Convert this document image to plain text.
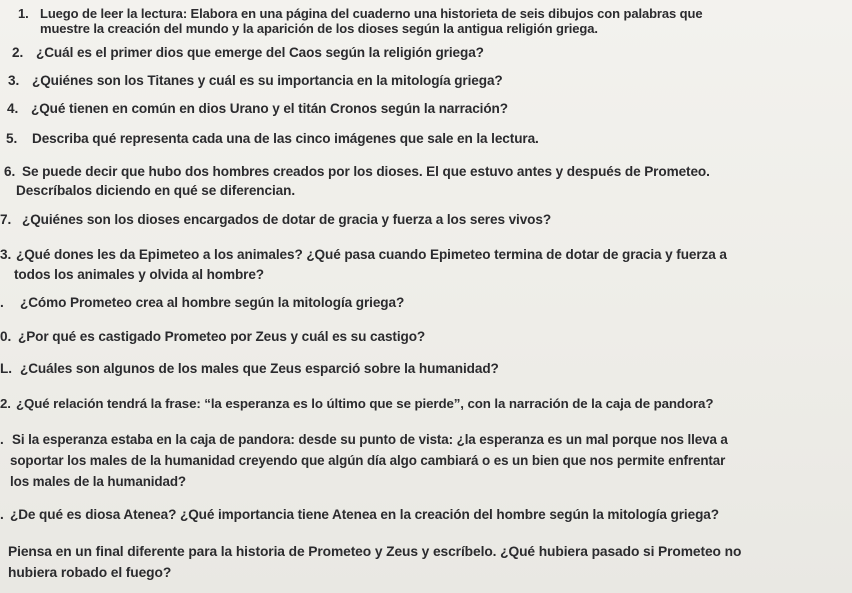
1. Luego de leer la lectura: Elabora en una página del cuaderno una historieta de seis dibujos con palabras que
muestre la creación del mundo y la aparición de los dioses según la antigua religión griega.
2. ¿Cuál es el primer dios que emerge del Caos según la religión griega?
3. ¿Quiénes son los Titanes y cuál es su importancia en la mitología griega?
4. ¿Qué tienen en común en dios Urano y el titán Cronos según la narración?
5. Describa qué representa cada una de las cinco imágenes que sale en la lectura.
6. Se puede decir que hubo dos hombres creados por los dioses. El que estuvo antes y después de Prometeo.
Descríbalos diciendo en qué se diferencian.
7. ¿Quiénes son los dioses encargados de dotar de gracia y fuerza a los seres vivos?
3. ¿Qué dones les da Epimeteo a los animales? ¿Qué pasa cuando Epimeteo termina de dotar de gracia y fuerza a
todos los animales y olvida al hombre?
. ¿Cómo Prometeo crea al hombre según la mitología griega?
0. ¿Por qué es castigado Prometeo por Zeus y cuál es su castigo?
L. ¿Cuáles son algunos de los males que Zeus esparció sobre la humanidad?
2. ¿Qué relación tendrá la frase: “la esperanza es lo último que se pierde”, con la narración de la caja de pandora?
. Si la esperanza estaba en la caja de pandora: desde su punto de vista: ¿la esperanza es un mal porque nos lleva a
soportar los males de la humanidad creyendo que algún día algo cambiará o es un bien que nos permite enfrentar
los males de la humanidad?
. ¿De qué es diosa Atenea? ¿Qué importancia tiene Atenea en la creación del hombre según la mitología griega?
Piensa en un final diferente para la historia de Prometeo y Zeus y escríbelo. ¿Qué hubiera pasado si Prometeo no
hubiera robado el fuego?
